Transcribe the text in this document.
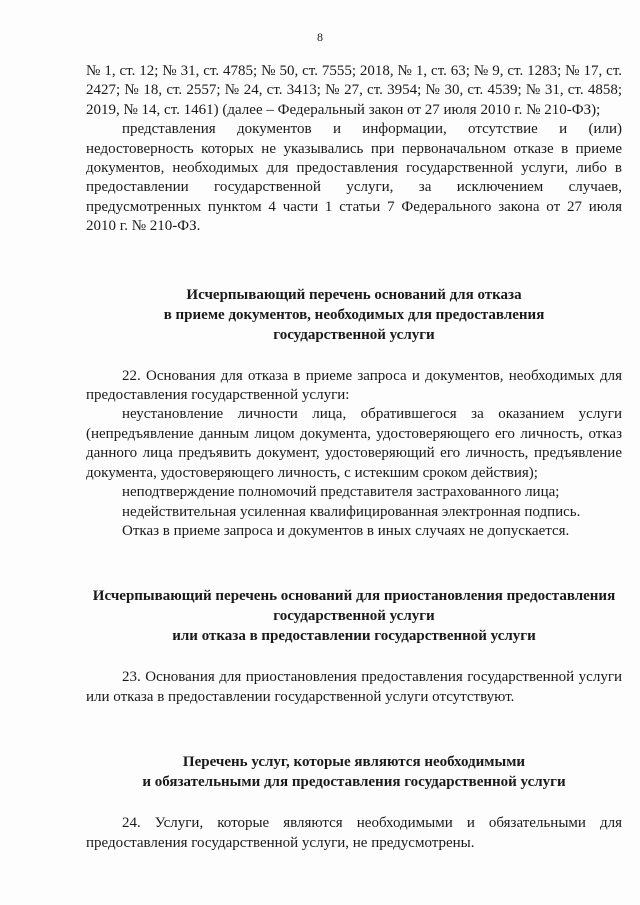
8

№ 1, ст. 12; № 31, ст. 4785; № 50, ст. 7555; 2018, № 1, ст. 63; № 9, ст. 1283; № 17, ст. 2427; № 18, ст. 2557; № 24, ст. 3413; № 27, ст. 3954; № 30, ст. 4539; № 31, ст. 4858; 2019, № 14, ст. 1461) (далее – Федеральный закон от 27 июля 2010 г. № 210-ФЗ);

представления документов и информации, отсутствие и (или) недостоверность которых не указывались при первоначальном отказе в приеме документов, необходимых для предоставления государственной услуги, либо в предоставлении государственной услуги, за исключением случаев, предусмотренных пунктом 4 части 1 статьи 7 Федерального закона от 27 июля 2010 г. № 210-ФЗ.

Исчерпывающий перечень оснований для отказа

в приеме документов, необходимых для предоставления

государственной услуги

22. Основания для отказа в приеме запроса и документов, необходимых для предоставления государственной услуги:

неустановление личности лица, обратившегося за оказанием услуги (непредъявление данным лицом документа, удостоверяющего его личность, отказ данного лица предъявить документ, удостоверяющий его личность, предъявление документа, удостоверяющего личность, с истекшим сроком действия);

неподтверждение полномочий представителя застрахованного лица;

недействительная усиленная квалифицированная электронная подпись.

Отказ в приеме запроса и документов в иных случаях не допускается.

Исчерпывающий перечень оснований для приостановления предоставления

государственной услуги

или отказа в предоставлении государственной услуги

23. Основания для приостановления предоставления государственной услуги или отказа в предоставлении государственной услуги отсутствуют.

Перечень услуг, которые являются необходимыми

и обязательными для предоставления государственной услуги

24. Услуги, которые являются необходимыми и обязательными для предоставления государственной услуги, не предусмотрены.
